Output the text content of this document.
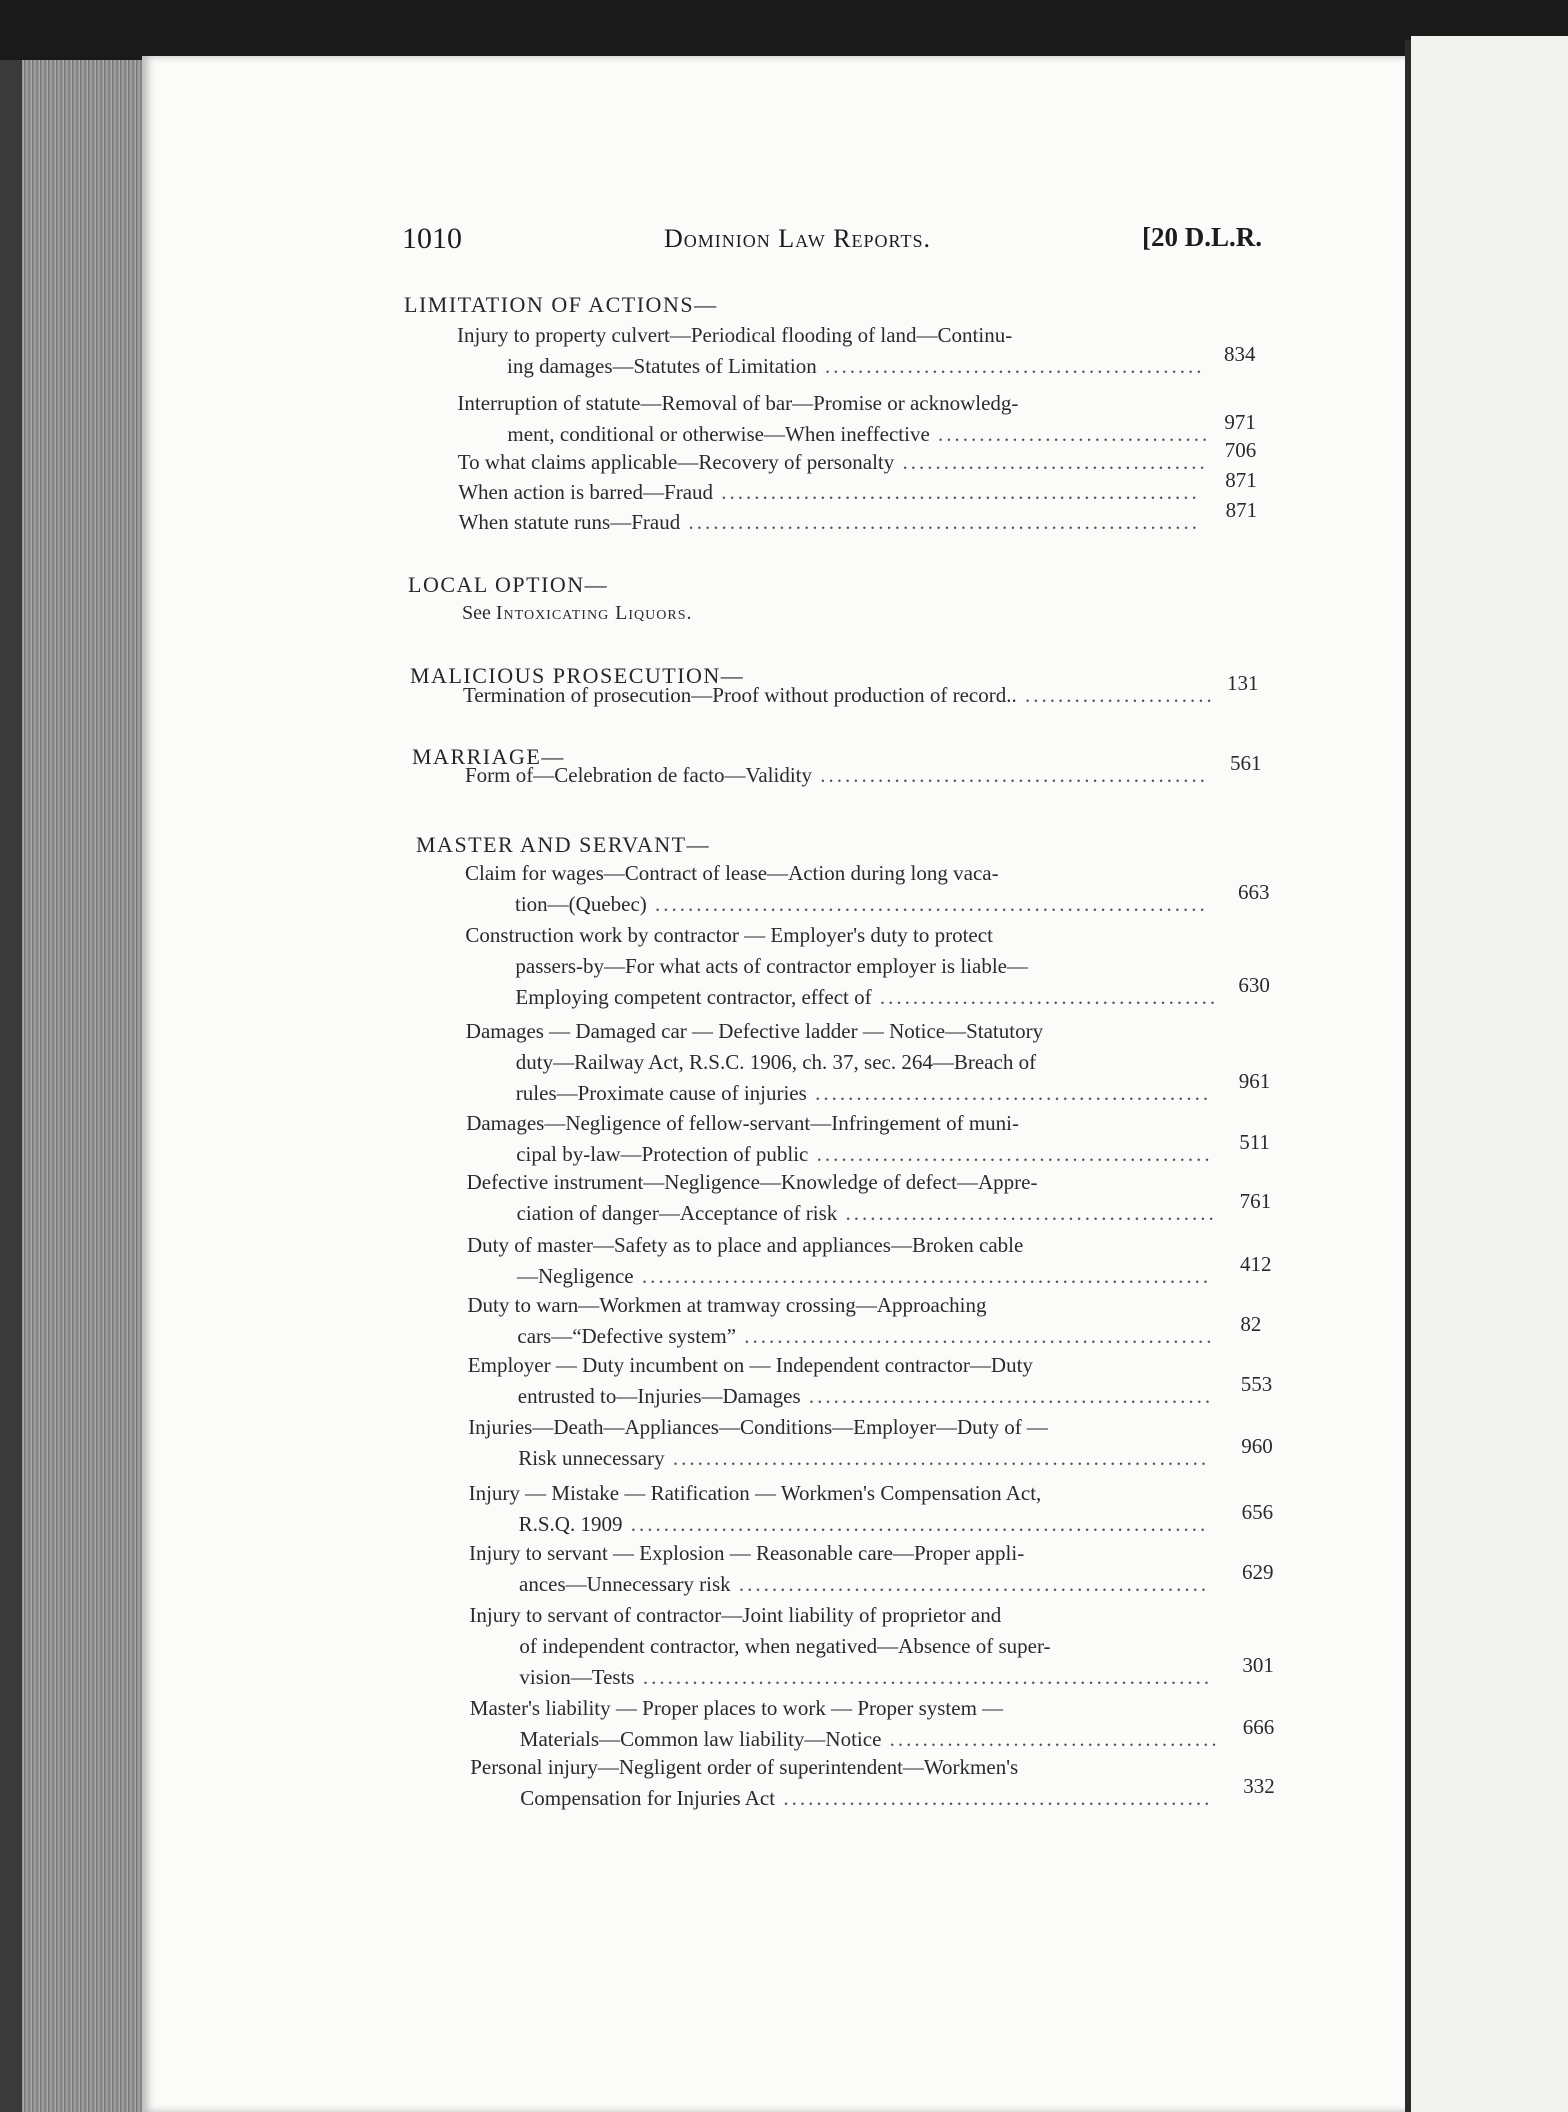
1010	Dominion Law Reports.	[20 D.L.R.
LIMITATION OF ACTIONS—
Injury to property culvert—Periodical flooding of land—Continu-
ing damages—Statutes of Limitation .............................................. 834
Interruption of statute—Removal of bar—Promise or acknowledg-
ment, conditional or otherwise—When ineffective ................................. 971
To what claims applicable—Recovery of personalty ..................................... 706
When action is barred—Fraud .......................................................... 871
When statute runs—Fraud .............................................................. 871
LOCAL OPTION—
See Intoxicating Liquors.
MALICIOUS PROSECUTION—
Termination of prosecution—Proof without production of record.. ....................... 131
MARRIAGE—
Form of—Celebration de facto—Validity ............................................... 561
MASTER AND SERVANT—
Claim for wages—Contract of lease—Action during long vaca-
tion—(Quebec) ................................................................... 663
Construction work by contractor — Employer's duty to protect
passers-by—For what acts of contractor employer is liable—
Employing competent contractor, effect of ......................................... 630
Damages — Damaged car — Defective ladder — Notice—Statutory
duty—Railway Act, R.S.C. 1906, ch. 37, sec. 264—Breach of
rules—Proximate cause of injuries ................................................ 961
Damages—Negligence of fellow-servant—Infringement of muni-
cipal by-law—Protection of public ................................................ 511
Defective instrument—Negligence—Knowledge of defect—Appre-
ciation of danger—Acceptance of risk ............................................. 761
Duty of master—Safety as to place and appliances—Broken cable
—Negligence ..................................................................... 412
Duty to warn—Workmen at tramway crossing—Approaching
cars—“Defective system” ......................................................... 82
Employer — Duty incumbent on — Independent contractor—Duty
entrusted to—Injuries—Damages ................................................. 553
Injuries—Death—Appliances—Conditions—Employer—Duty of —
Risk unnecessary ................................................................. 960
Injury — Mistake — Ratification — Workmen's Compensation Act,
R.S.Q. 1909 ...................................................................... 656
Injury to servant — Explosion — Reasonable care—Proper appli-
ances—Unnecessary risk ......................................................... 629
Injury to servant of contractor—Joint liability of proprietor and
of independent contractor, when negatived—Absence of super-
vision—Tests ..................................................................... 301
Master's liability — Proper places to work — Proper system —
Materials—Common law liability—Notice ........................................ 666
Personal injury—Negligent order of superintendent—Workmen's
Compensation for Injuries Act .................................................... 332
